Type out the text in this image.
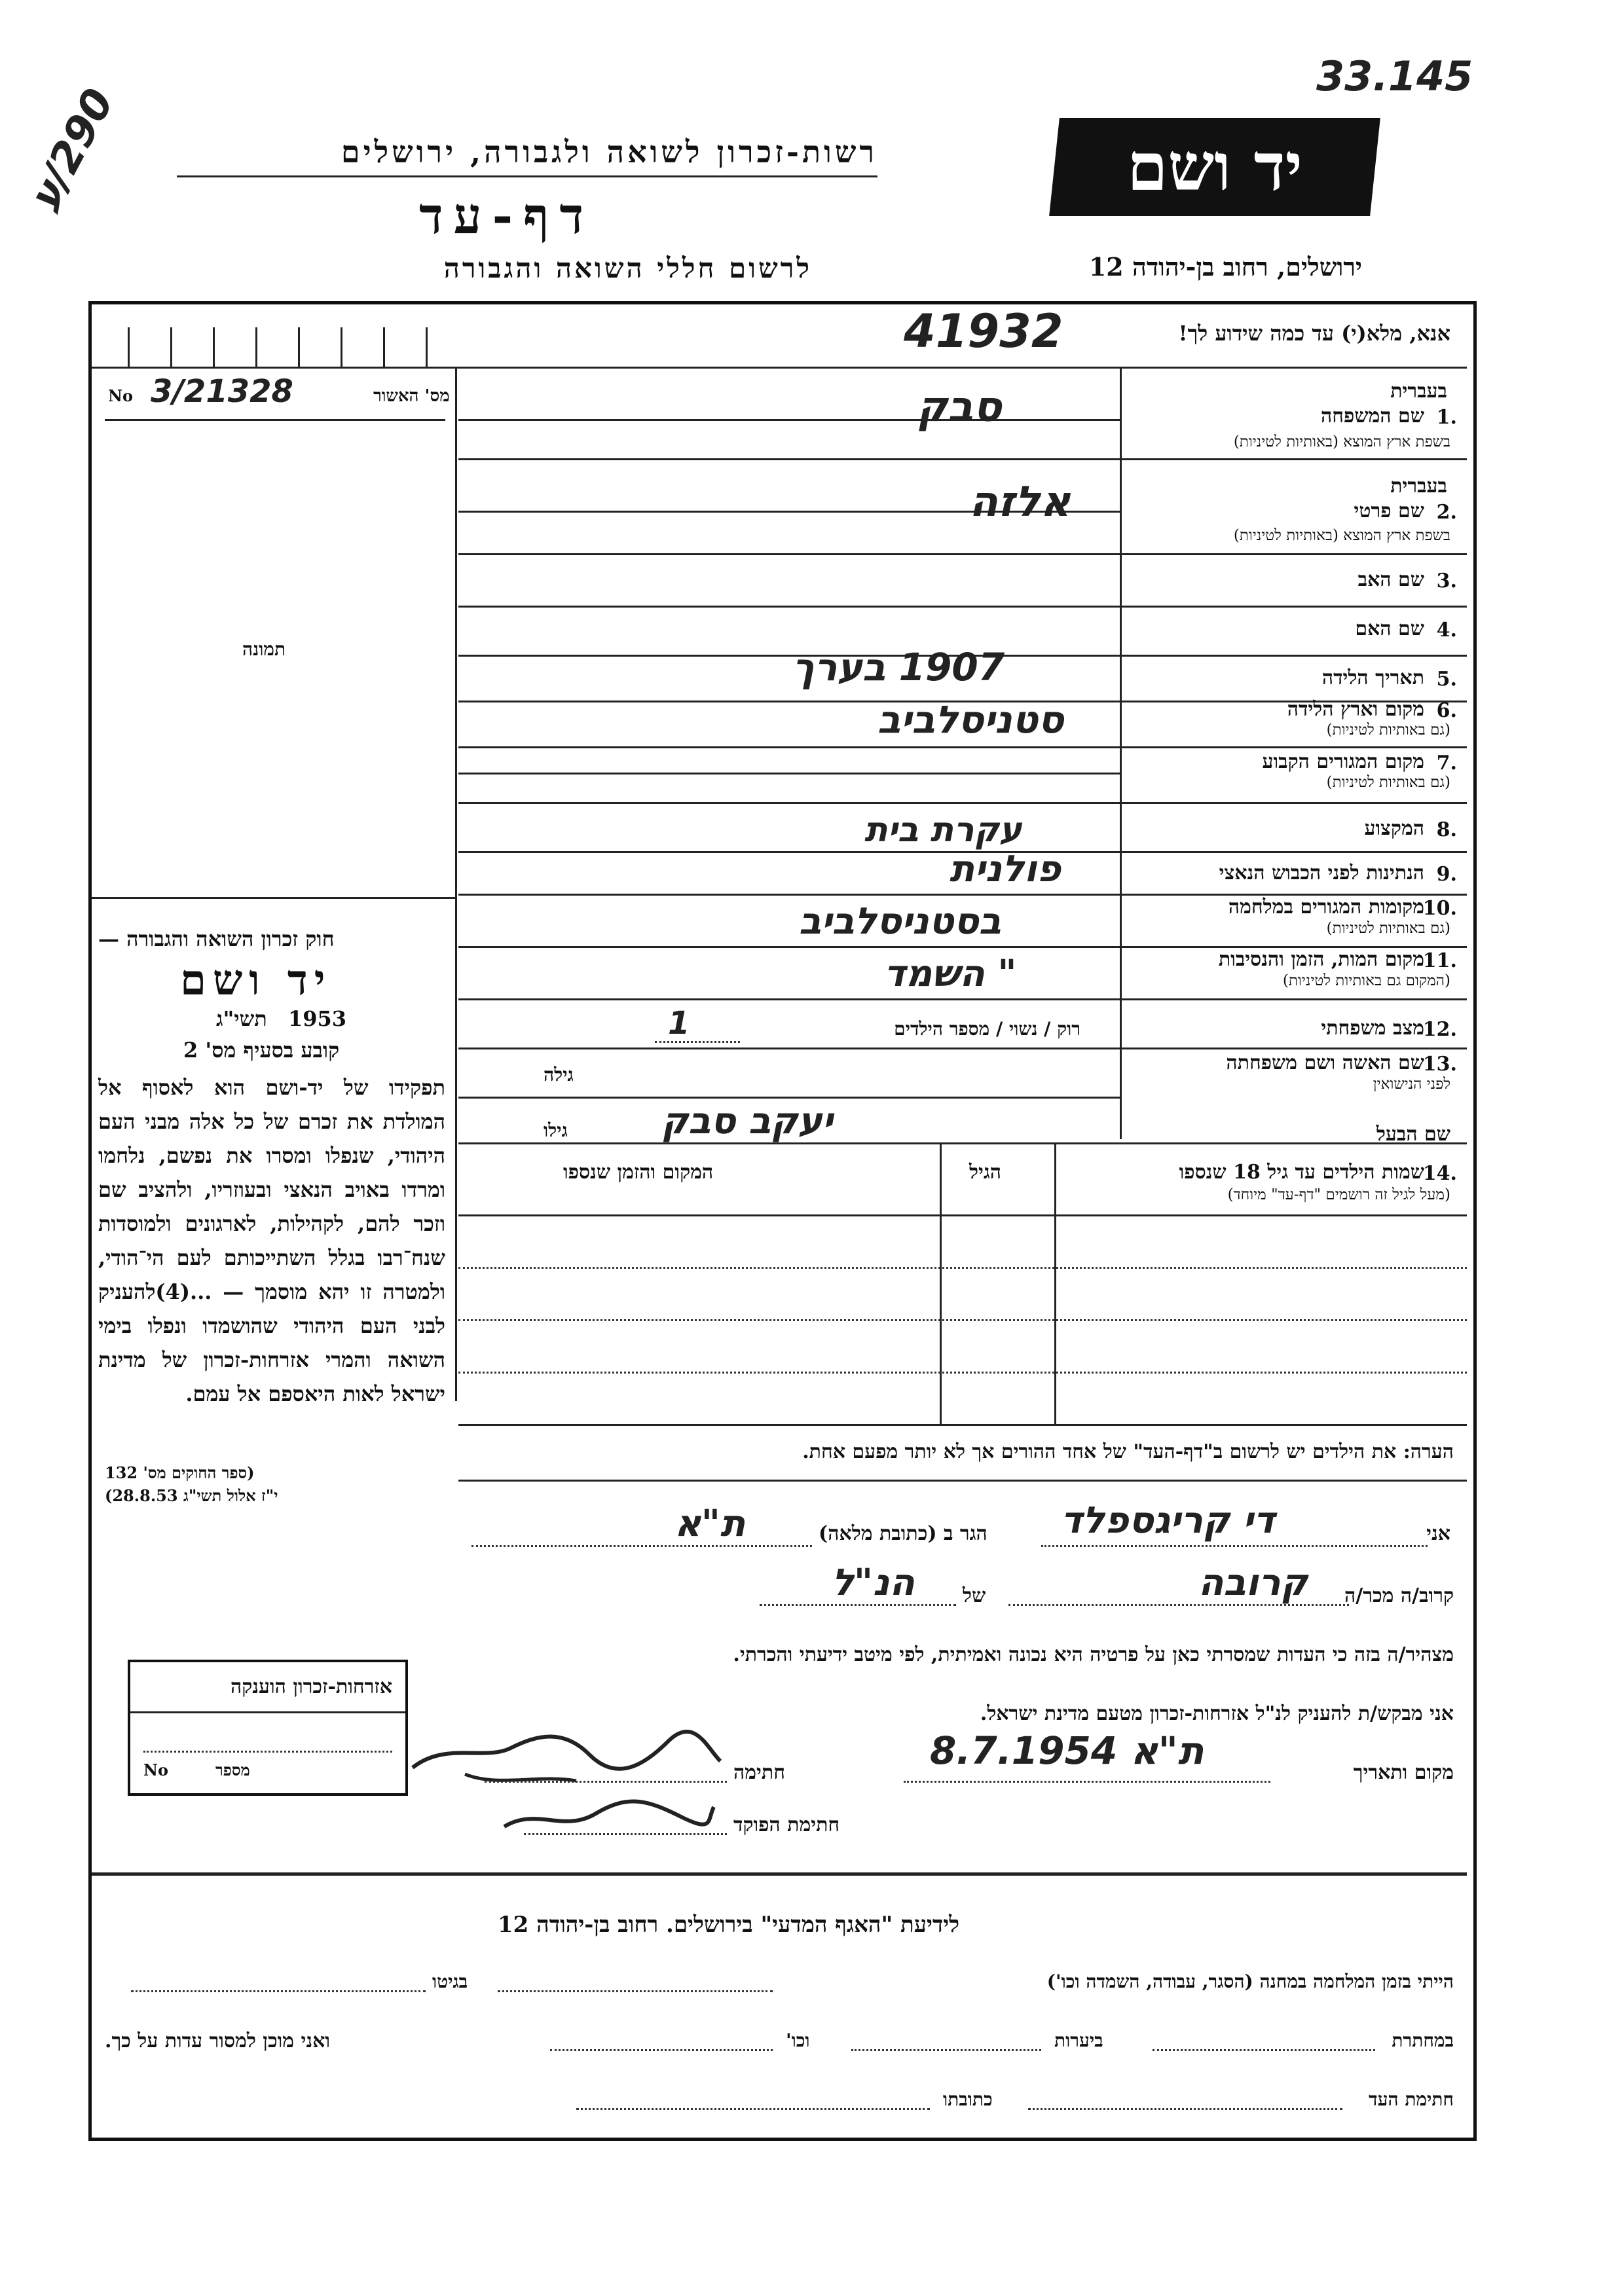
33.145
290/ע	רשות-זכרון לשואה ולגבורה, ירושלים
דף-עד
לרשום חללי השואה והגבורה
יד ושם
ירושלים, רחוב בן-יהודה 12
אנא, מלא(י) עד כמה שידוע לך!
41932
מס' האשור
No 3/21328
תמונה
חוק זכרון השואה והגבורה —
יד ושם
תשי"ג 1953
קובע בסעיף מס' 2
תפקידו של יד-ושם הוא לאסוף אל המולדת את זכרם של כל אלה מבני העם היהודי, שנפלו ומסרו את נפשם, נלחמו ומרדו באויב הנאצי ובעוזריו, ולהציב שם וזכר להם, לקהילות, לארגונים ולמוסדות שנח־רבו בגלל השתייכותם לעם הי־הודי, ולמטרה זו יהא מוסמך — ...(4)להעניק לבני העם היהודי שהושמדו ונפלו בימי השואה והמרי אזרחות-זכרון של מדינת ישראל לאות היאספם אל עמם.
(ספר החוקים מס' 132
י"ז אלול תשי"ג 28.8.53)
1.
שם המשפחה
בעברית
בשפת ארץ המוצא (באותיות לטיניות)
סבק
2.
שם פרטי
בעברית
בשפת ארץ המוצא (באותיות לטיניות)
אלזה
3.
שם האב
4.
שם האם
5.
תאריך הלידה
1907 בערך
6.
מקום וארץ הלידה
(גם באותיות לטיניות)
סטניסלביב
7.
מקום המגורים הקבוע
(גם באותיות לטיניות)
8.
המקצוע
עקרת בית
9.
הנתינות לפני הכבוש הנאצי
פולנית
10.
מקומות המגורים במלחמה
(גם באותיות לטיניות)
בסטניסלביב
11.
מקום המות, הזמן והנסיבות
(המקום גם באותיות לטיניות)
" השמד
12.
מצב משפחתי
רוק / נשוי / מספר הילדים
1
13.
שם האשה ושם משפחתה
לפני הנישואין
גילה
שם הבעל
גילו	יעקב סבק
14.
שמות הילדים עד גיל 18 שנספו
(מעל לגיל זה רושמים "דף-עד" מיוחד)
הגיל
המקום והזמן שנספו
הערה: את הילדים יש לרשום ב"דף-העד" של אחד ההורים אך לא יותר מפעם אחת.
אני
די קריגספלד
הגר ב (כתובת מלאה)
ת"א
קרוב/ה מכר/ה
קרובה
של
הנ"ל
מצהיר/ה בזה כי העדות שמסרתי כאן על פרטיה היא נכונה ואמיתית, לפי מיטב ידיעתי והכרתי.
אני מבקש/ת להעניק לנ"ל אזרחות-זכרון מטעם מדינת ישראל.
מקום ותאריך
ת"א 8.7.1954
חתימה
חתימת הפוקד
אזרחות-זכרון הוענקה
מספר
No
לידיעת "האגף המדעי" בירושלים. רחוב בן-יהודה 12
הייתי בזמן המלחמה במחנה (הסגר, עבודה, השמדה וכו')
בגיטו
במחתרת
ביערות
וכו'
ואני מוכן למסור עדות על כך.
חתימת העד
כתובתו
